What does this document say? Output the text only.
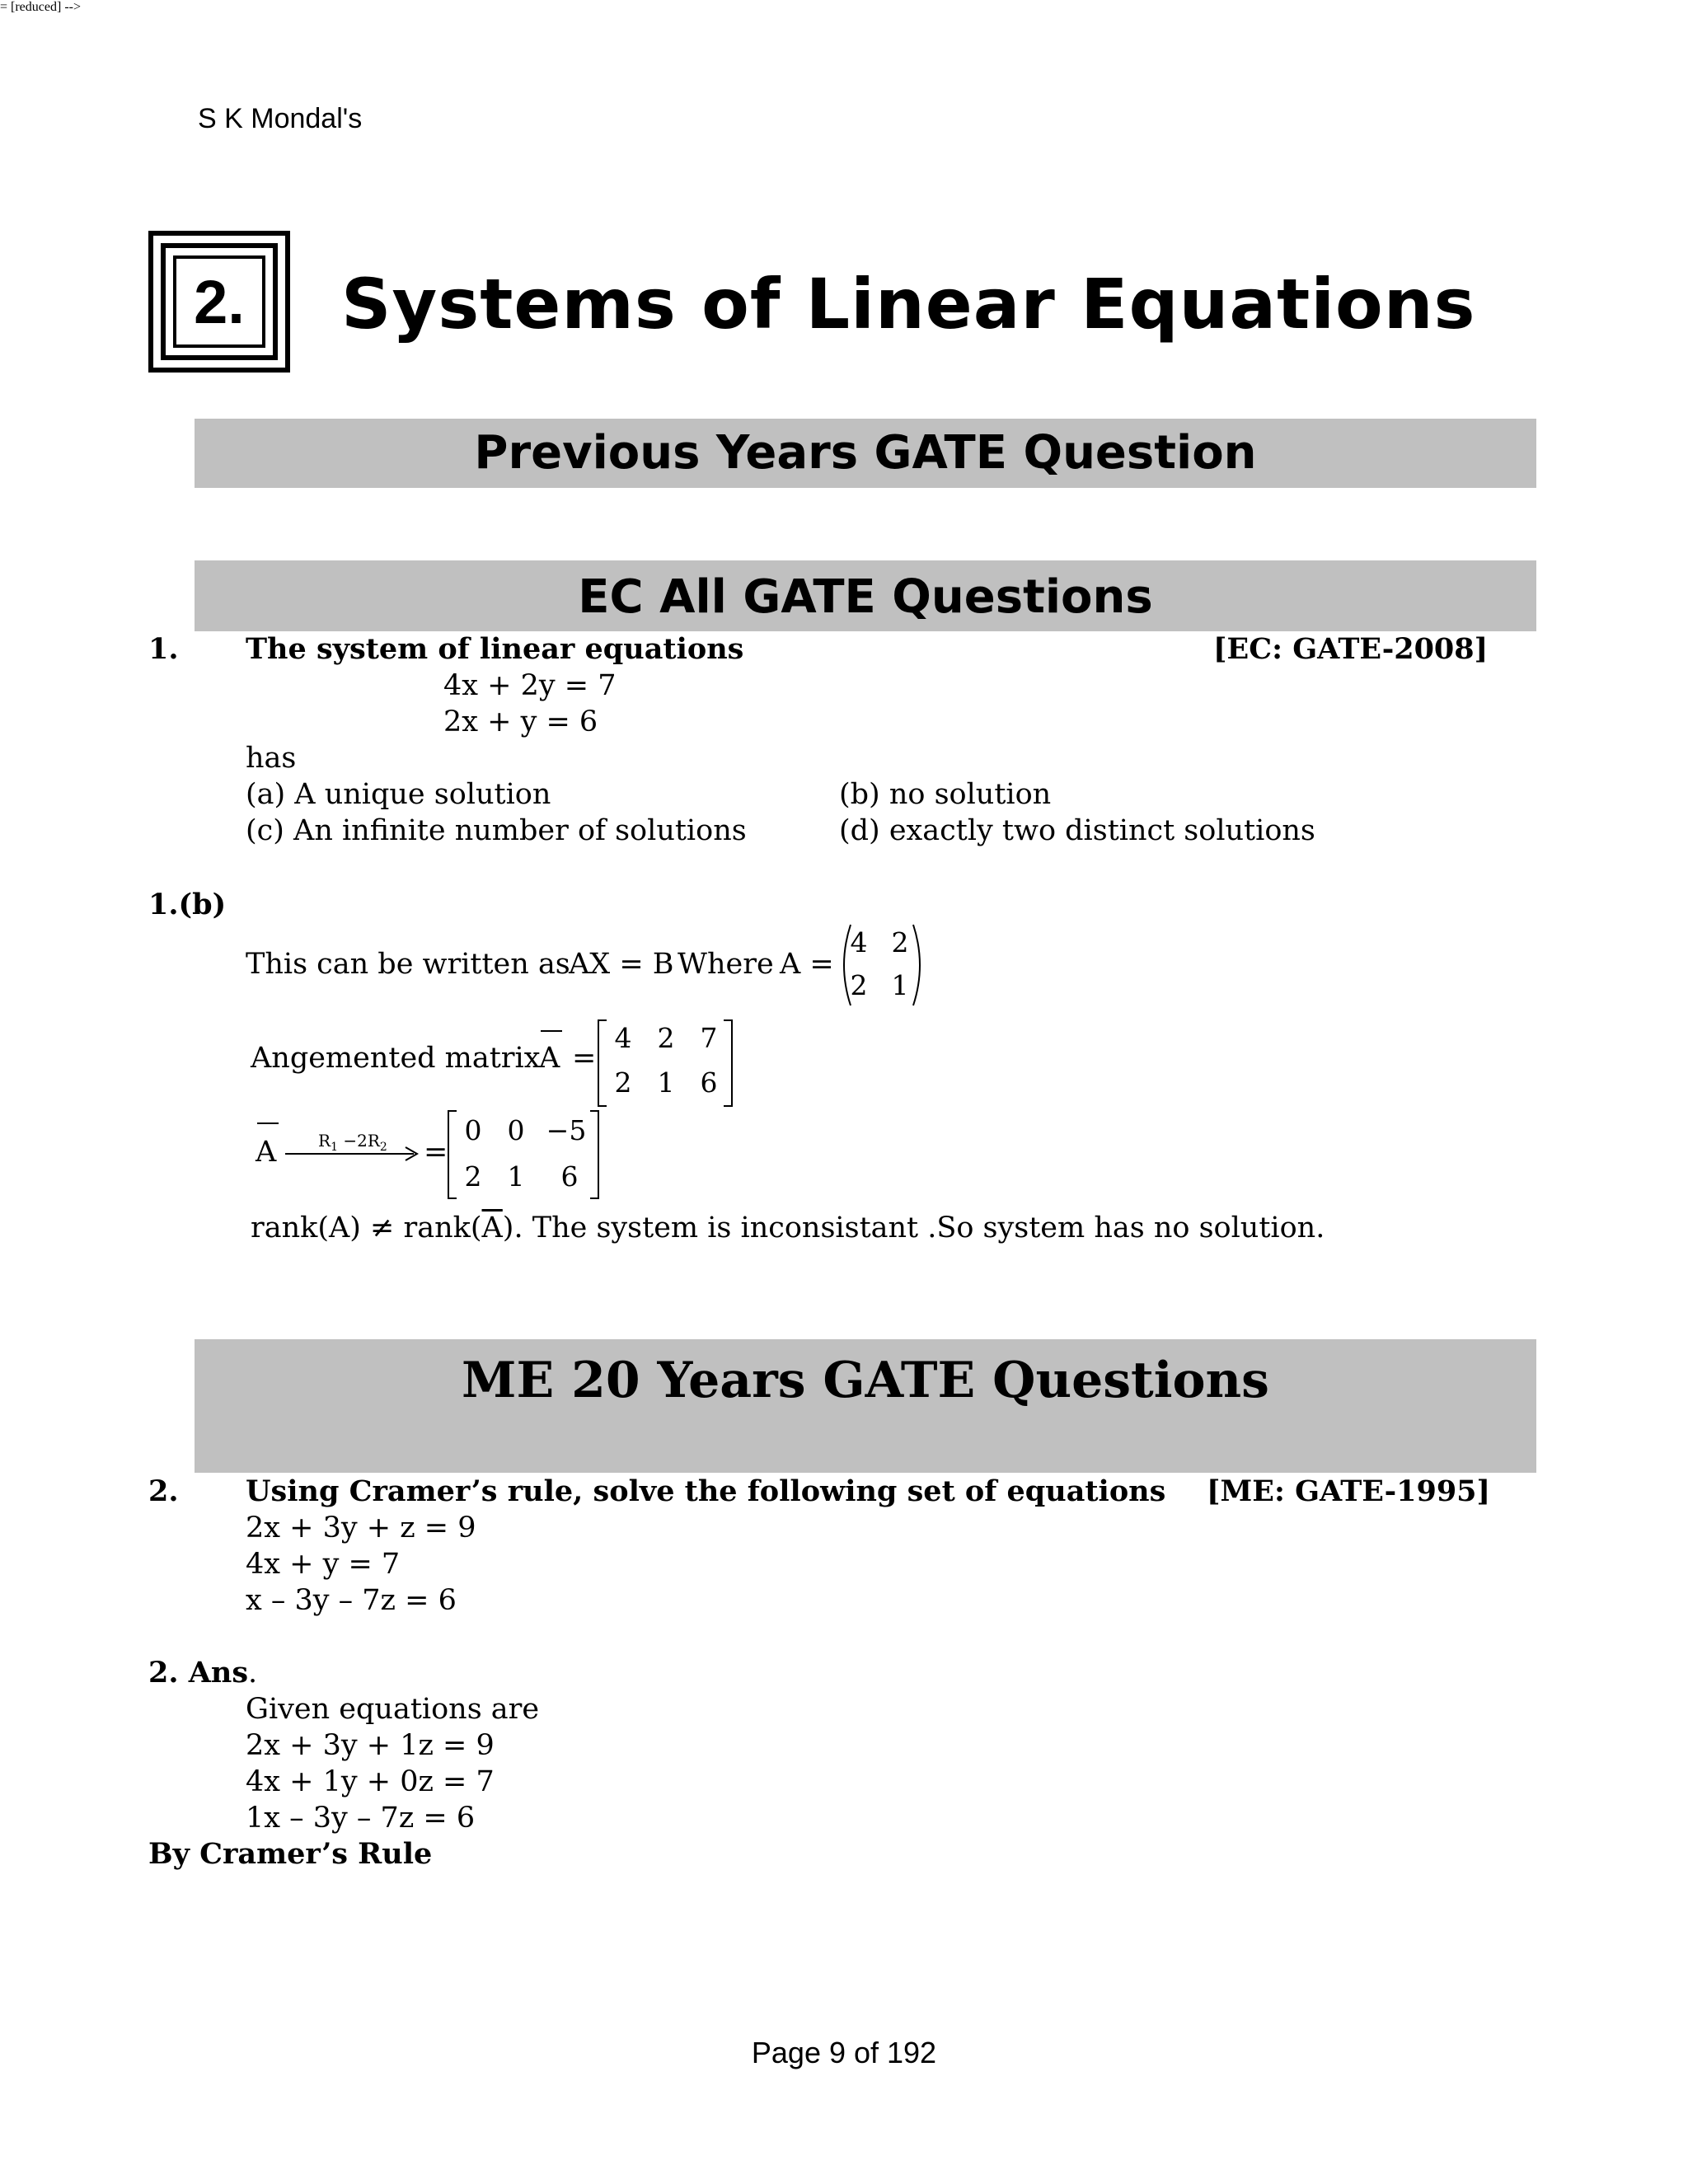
S K Mondal's
2. Systems of Linear Equations
Previous Years GATE Question
EC All GATE Questions
1. The system of linear equations	[EC: GATE-2008]
4x + 2y = 7
2x + y = 6
has
(a) A unique solution	(b) no solution
(c) An infinite number of solutions	(d) exactly two distinct solutions
1.(b)
This can be written as
AX = B Where A =
4 2
2 1
Angemented matrix
A =
4 2 7
2 1 6
= [reduced] -->
A	$R_1 -2R_2$ =
0 0 −5
2 1	6
rank(A) ≠ $rank(\overline{A})$. The system is inconsistant .So system has no solution.
ME 20 Years GATE Questions
2. Using Cramer’s rule, solve the following set of equations [ME: GATE-1995]
2x + 3y + z = 9
4x + y = 7
x – 3y – 7z = 6
2. Ans.
Given equations are
2x + 3y + 1z = 9
4x + 1y + 0z = 7
1x – 3y – 7z = 6
By Cramer’s Rule
Page 9 of 192
